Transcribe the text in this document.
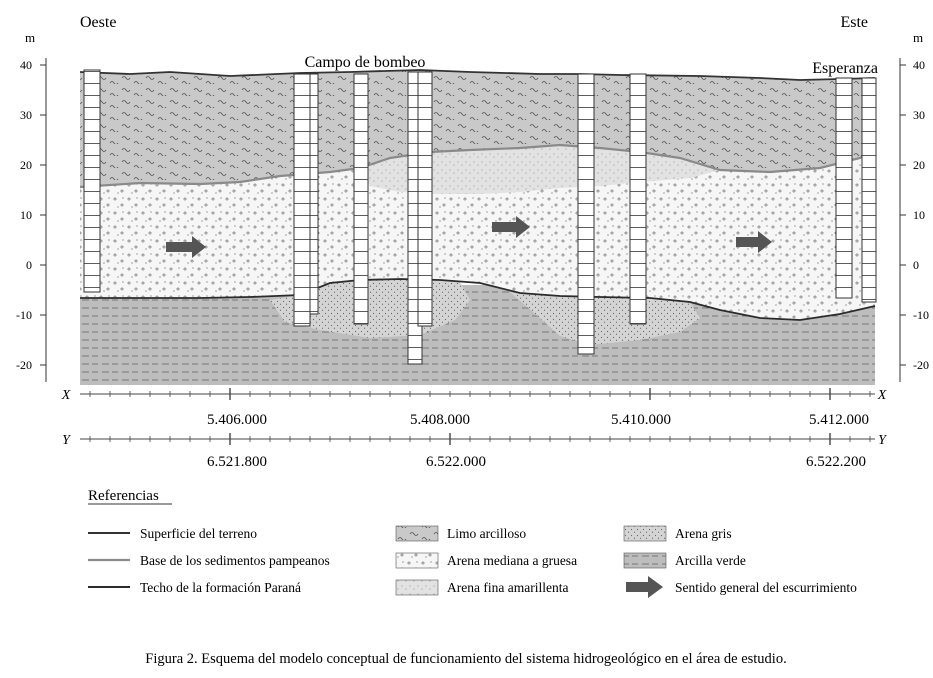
40
30
20
10
0
-10
-20
m
40
30
20
10
0
-10
-20
m
Oeste	Este
Campo de bombeo	Esperanza
X	X
5.406.000	5.408.000	5.410.000	5.412.000
Y	Y
6.521.800	6.522.000	6.522.200
Referencias
Superficie del terreno
Base de los sedimentos pampeanos
Techo de la formación Paraná
Limo arcilloso
Arena mediana a gruesa
Arena fina amarillenta
Arena gris
Arcilla verde
Sentido general del escurrimiento
Figura 2. Esquema del modelo conceptual de funcionamiento del sistema hidrogeológico en el área de estudio.
